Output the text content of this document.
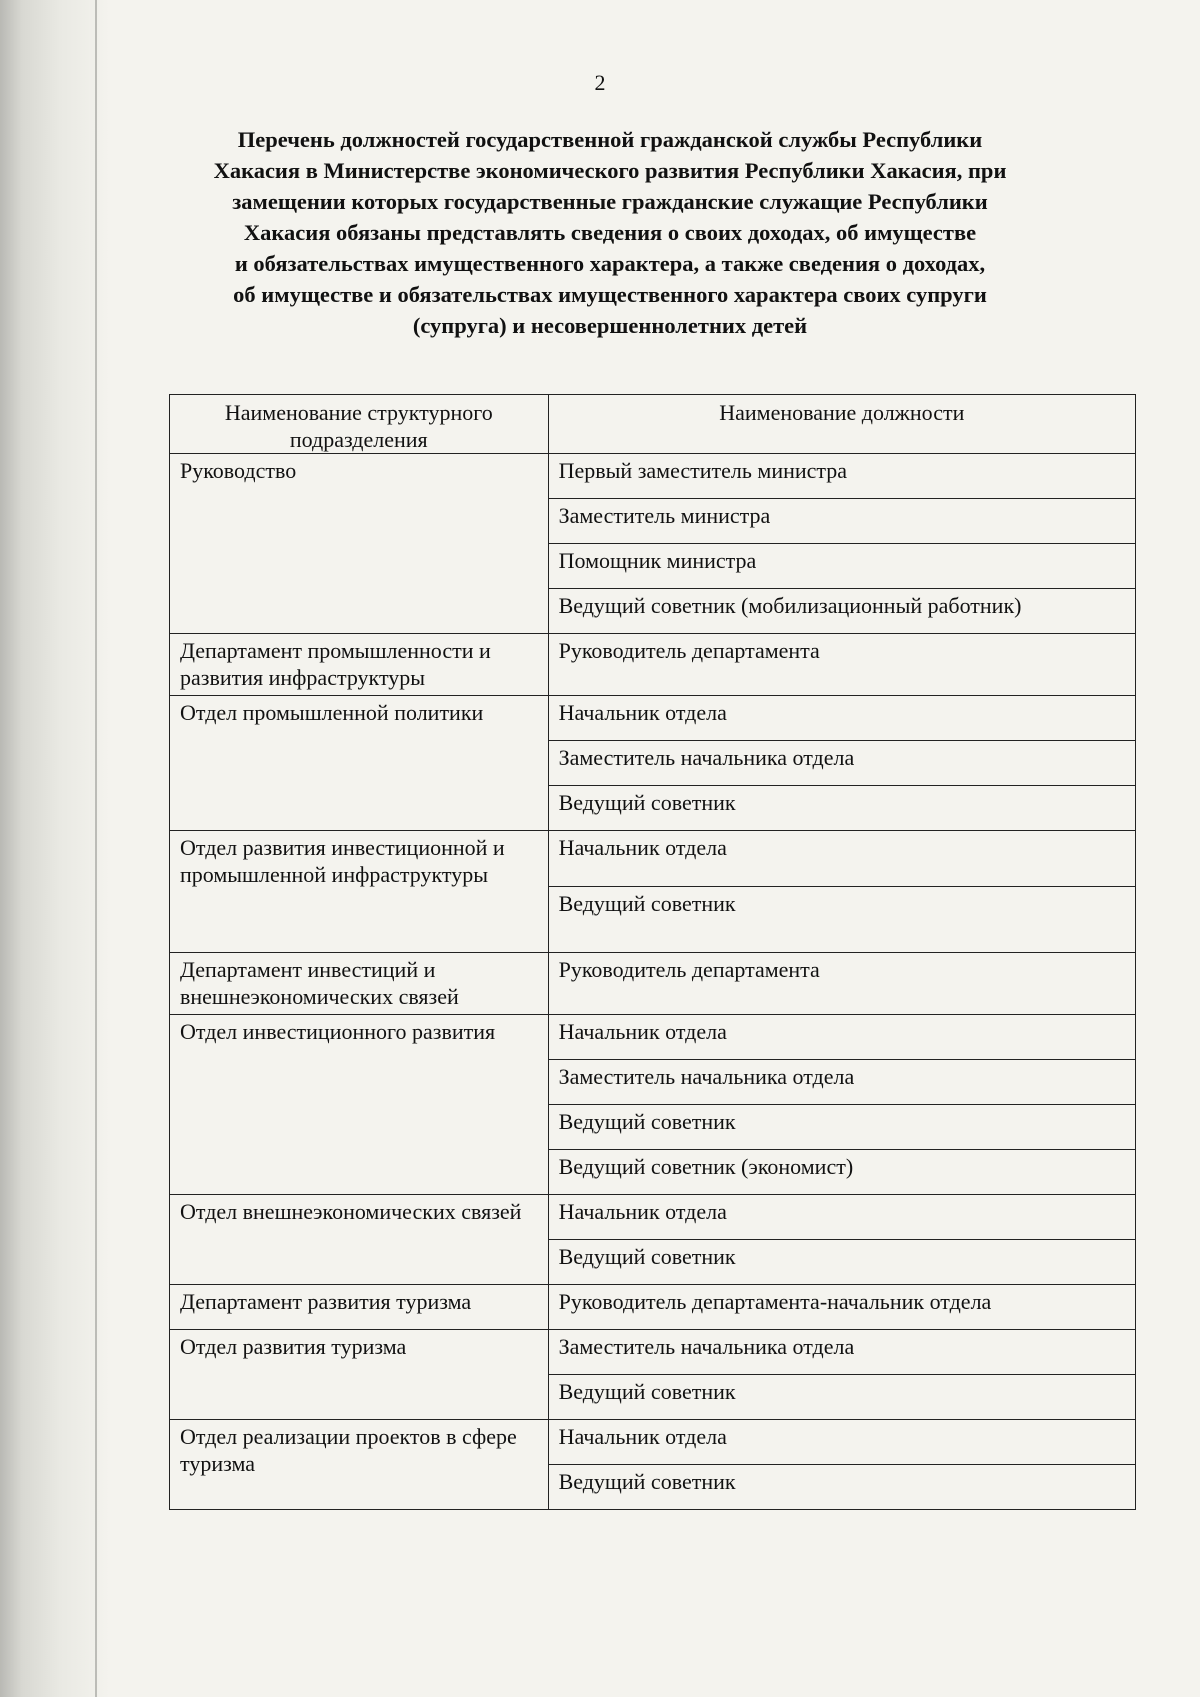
2
Перечень должностей государственной гражданской службы Республики
Хакасия в Министерстве экономического развития Республики Хакасия, при
замещении которых государственные гражданские служащие Республики
Хакасия обязаны представлять сведения о своих доходах, об имуществе
и обязательствах имущественного характера, а также сведения о доходах,
об имуществе и обязательствах имущественного характера своих супруги
(супруга) и несовершеннолетних детей
Наименование структурного подразделения	Наименование должности
Руководство	Первый заместитель министра
	Заместитель министра
	Помощник министра
	Ведущий советник (мобилизационный работник)
Департамент промышленности и развития инфраструктуры	Руководитель департамента
Отдел промышленной политики	Начальник отдела
	Заместитель начальника отдела
	Ведущий советник
Отдел развития инвестиционной и промышленной инфраструктуры	Начальник отдела
	Ведущий советник
Департамент инвестиций и внешнеэкономических связей	Руководитель департамента
Отдел инвестиционного развития	Начальник отдела
	Заместитель начальника отдела
	Ведущий советник
	Ведущий советник (экономист)
Отдел внешнеэкономических связей	Начальник отдела
	Ведущий советник
Департамент развития туризма	Руководитель департамента-начальник отдела
Отдел развития туризма	Заместитель начальника отдела
	Ведущий советник
Отдел реализации проектов в сфере туризма	Начальник отдела
	Ведущий советник
